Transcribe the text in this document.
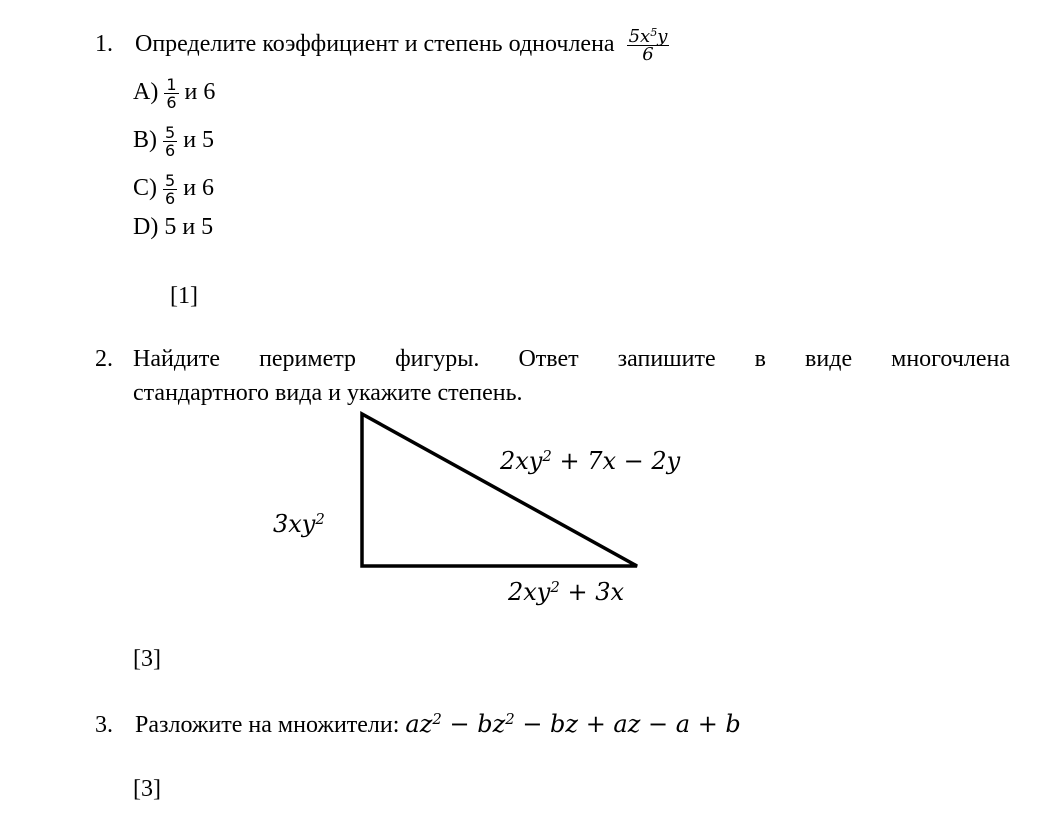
1. Определите коэффициент и степень одночлена $\frac{5x^5y}{6}$
$A) \frac{1}{6}$ и 6
$B) \frac{5}{6}$ и 5
$C) \frac{5}{6}$ и 6
D) 5 и 5
[1]
2. Найдите периметр фигуры. Ответ запишите в виде многочлена
стандартного вида и укажите степень.
$3xy^2$
$2xy^2 + 7x - 2y$
$2xy^2 + 3x$
[3]
3. Разложите на множители: $az^2 - bz^2$ − bz + az − a + b
[3]
